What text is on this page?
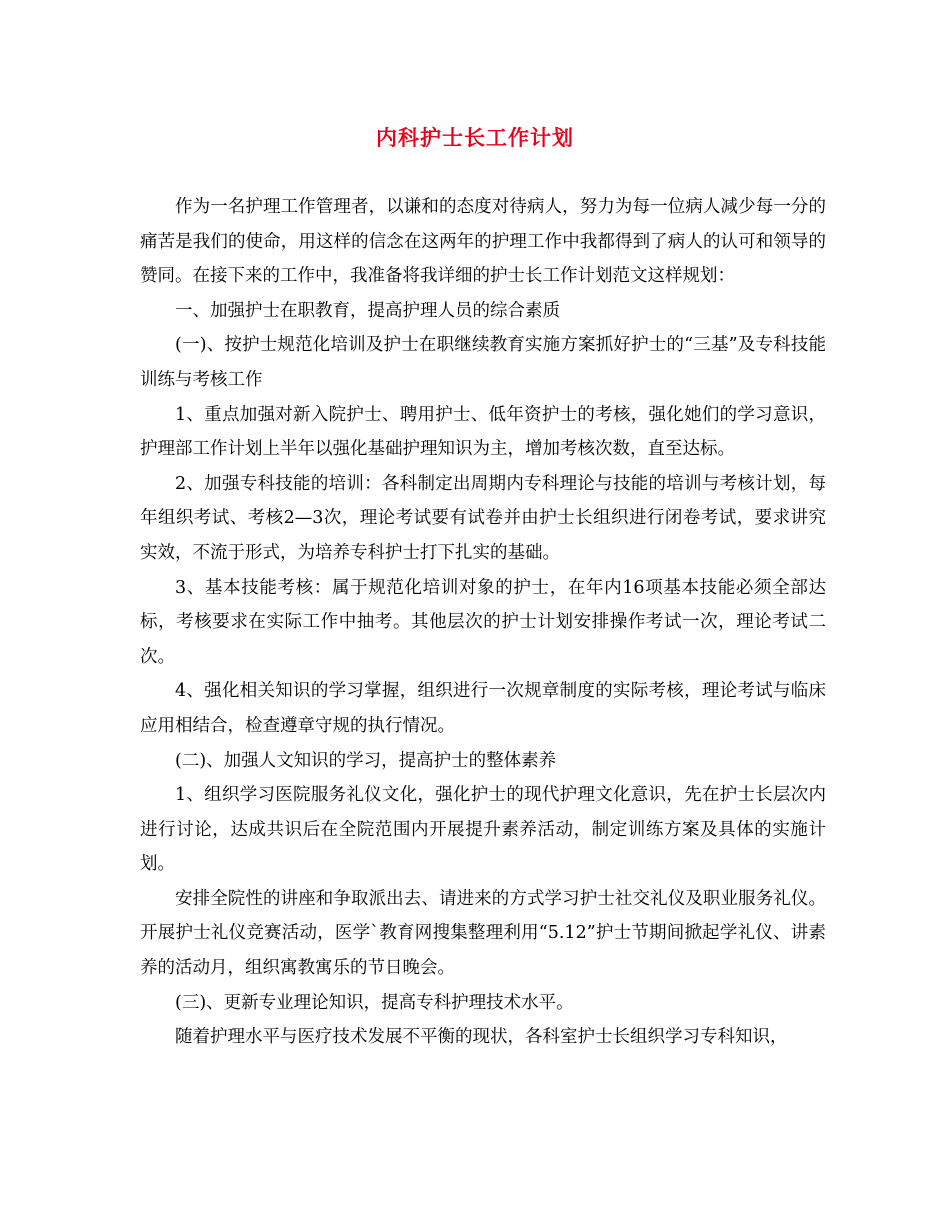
内科护士长工作计划

作为一名护理工作管理者，以谦和的态度对待病人，努力为每一位病人减少每一分的痛苦是我们的使命，用这样的信念在这两年的护理工作中我都得到了病人的认可和领导的赞同。在接下来的工作中，我准备将我详细的护士长工作计划范文这样规划：

一、加强护士在职教育，提高护理人员的综合素质

(一)、按护士规范化培训及护士在职继续教育实施方案抓好护士的“三基”及专科技能训练与考核工作

1、重点加强对新入院护士、聘用护士、低年资护士的考核，强化她们的学习意识，护理部工作计划上半年以强化基础护理知识为主，增加考核次数，直至达标。

2、加强专科技能的培训：各科制定出周期内专科理论与技能的培训与考核计划，每年组织考试、考核2—3次，理论考试要有试卷并由护士长组织进行闭卷考试，要求讲究实效，不流于形式，为培养专科护士打下扎实的基础。

3、基本技能考核：属于规范化培训对象的护士，在年内16项基本技能必须全部达标，考核要求在实际工作中抽考。其他层次的护士计划安排操作考试一次，理论考试二次。

4、强化相关知识的学习掌握，组织进行一次规章制度的实际考核，理论考试与临床应用相结合，检查遵章守规的执行情况。

(二)、加强人文知识的学习，提高护士的整体素养

1、组织学习医院服务礼仪文化，强化护士的现代护理文化意识，先在护士长层次内进行讨论，达成共识后在全院范围内开展提升素养活动，制定训练方案及具体的实施计划。

安排全院性的讲座和争取派出去、请进来的方式学习护士社交礼仪及职业服务礼仪。开展护士礼仪竞赛活动，医学`教育网搜集整理利用“5.12”护士节期间掀起学礼仪、讲素养的活动月，组织寓教寓乐的节日晚会。

(三)、更新专业理论知识，提高专科护理技术水平。

随着护理水平与医疗技术发展不平衡的现状，各科室护士长组织学习专科知识，
